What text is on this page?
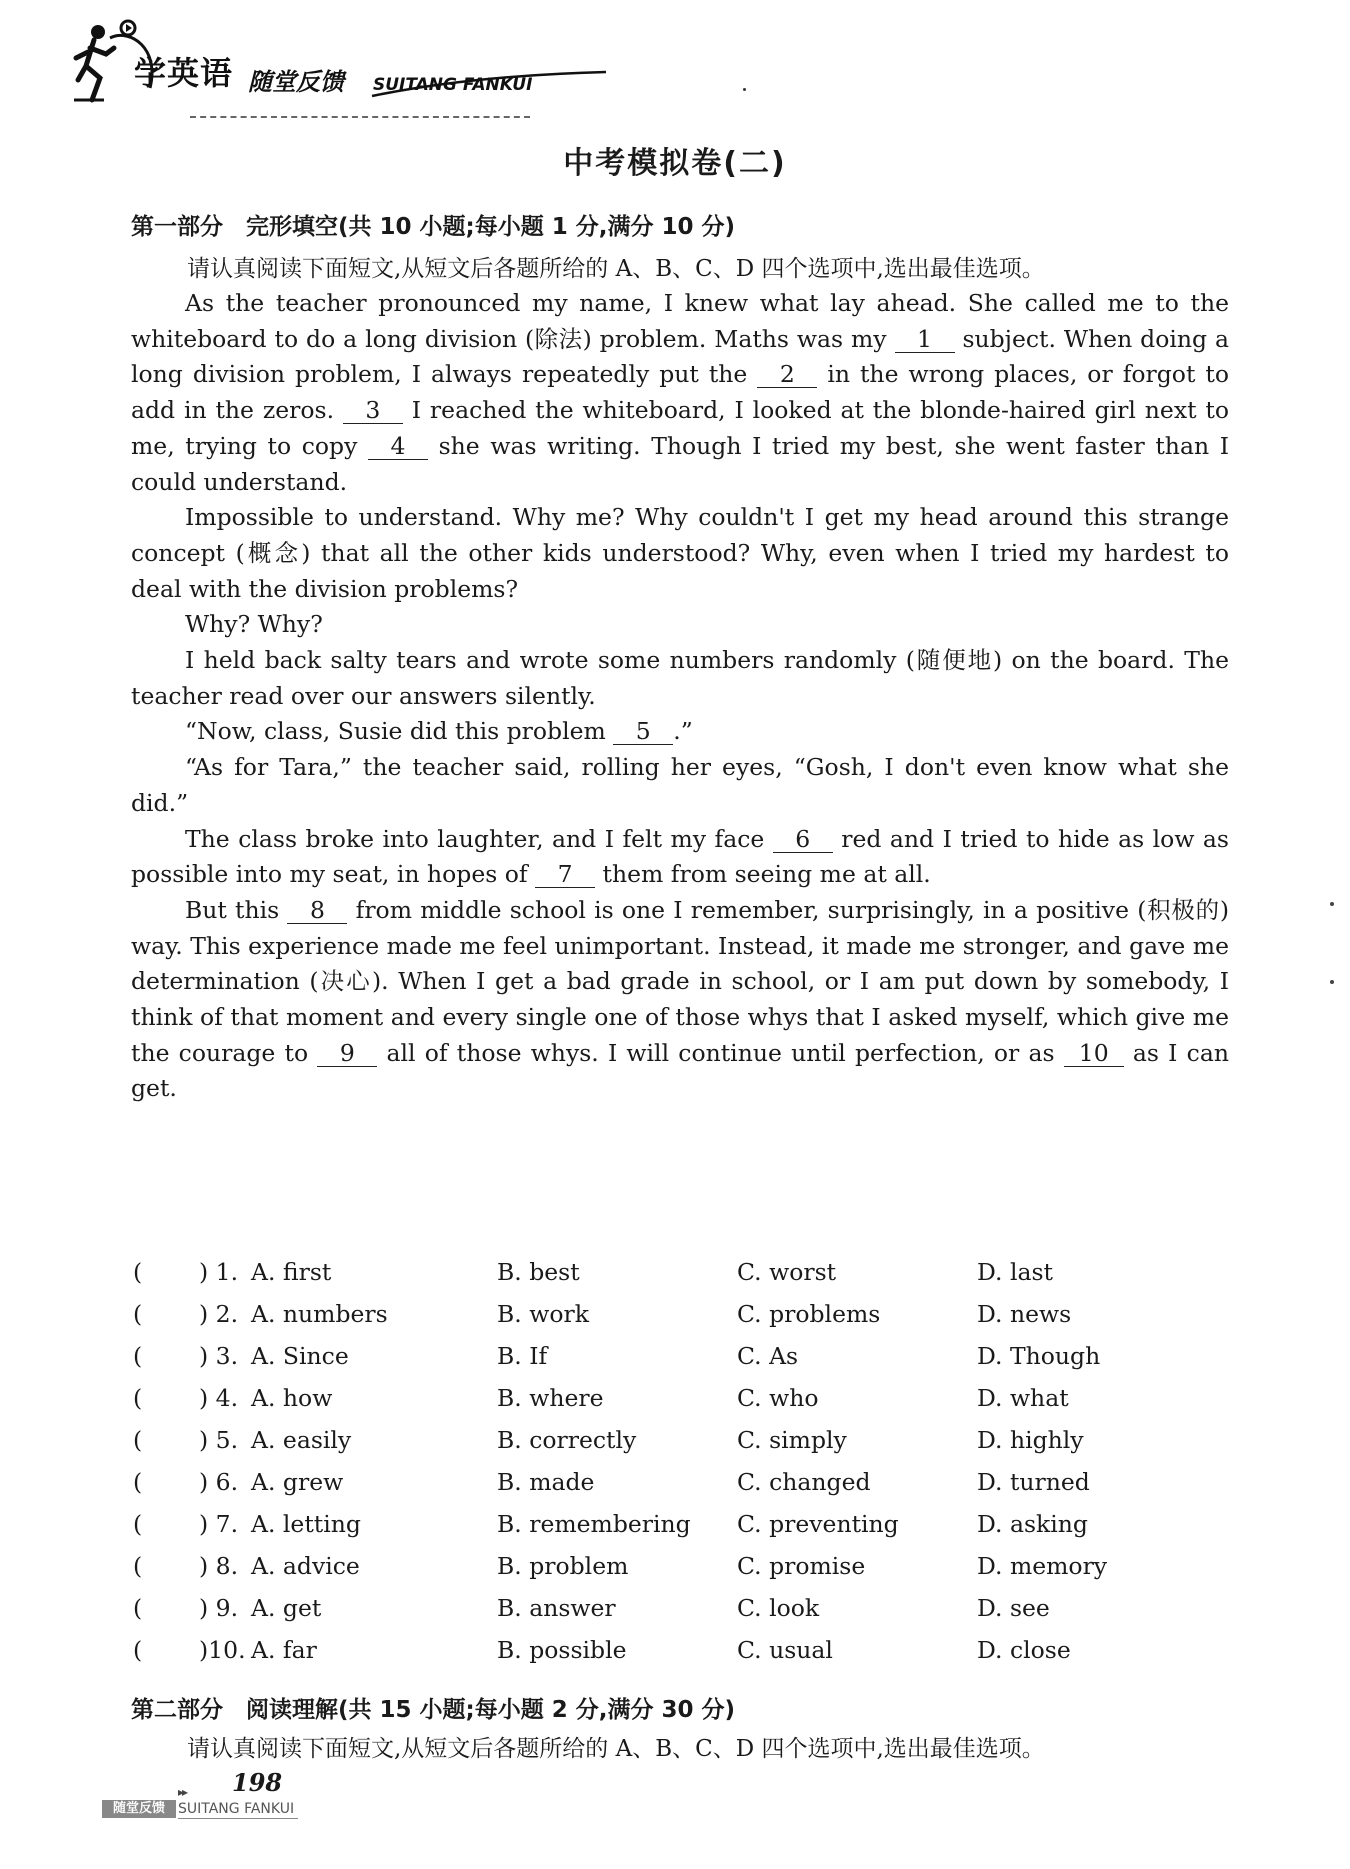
学英语 随堂反馈 SUITANG FANKUI
中考模拟卷(二)
第一部分　完形填空(共 10 小题;每小题 1 分,满分 10 分)
请认真阅读下面短文,从短文后各题所给的 A、B、C、D 四个选项中,选出最佳选项。

As the teacher pronounced my name, I knew what lay ahead. She called me to the whiteboard to do a long division (除法) problem. Maths was my 1 subject. When doing a long division problem, I always repeatedly put the 2 in the wrong places, or forgot to add in the zeros. 3 I reached the whiteboard, I looked at the blonde-haired girl next to me, trying to copy 4 she was writing. Though I tried my best, she went faster than I could understand.

Impossible to understand. Why me? Why couldn't I get my head around this strange concept (概念) that all the other kids understood? Why, even when I tried my hardest to deal with the division problems?

Why? Why?

I held back salty tears and wrote some numbers randomly (随便地) on the board. The teacher read over our answers silently.

“Now, class, Susie did this problem 5 .”

“As for Tara,” the teacher said, rolling her eyes, “Gosh, I don't even know what she did.”

The class broke into laughter, and I felt my face 6 red and I tried to hide as low as possible into my seat, in hopes of 7 them from seeing me at all.

But this 8 from middle school is one I remember, surprisingly, in a positive (积极的) way. This experience made me feel unimportant. Instead, it made me stronger, and gave me determination (决心). When I get a bad grade in school, or I am put down by somebody, I think of that moment and every single one of those whys that I asked myself, which give me the courage to 9 all of those whys. I will continue until perfection, or as 10 as I can get.

( ) 1. A. first	B. best	C. worst	D. last
( ) 2. A. numbers	B. work	C. problems	D. news
( ) 3. A. Since	B. If	C. As	D. Though
( ) 4. A. how	B. where	C. who	D. what
( ) 5. A. easily	B. correctly	C. simply	D. highly
( ) 6. A. grew	B. made	C. changed	D. turned
( ) 7. A. letting	B. remembering C. preventing	D. asking
( ) 8. A. advice	B. problem	C. promise	D. memory
( ) 9. A. get	B. answer	C. look	D. see
( )10. A. far	B. possible	C. usual	D. close
第二部分　阅读理解(共 15 小题;每小题 2 分,满分 30 分)
请认真阅读下面短文,从短文后各题所给的 A、B、C、D 四个选项中,选出最佳选项。
▸▸ 198
随堂反馈 SUITANG FANKUI
